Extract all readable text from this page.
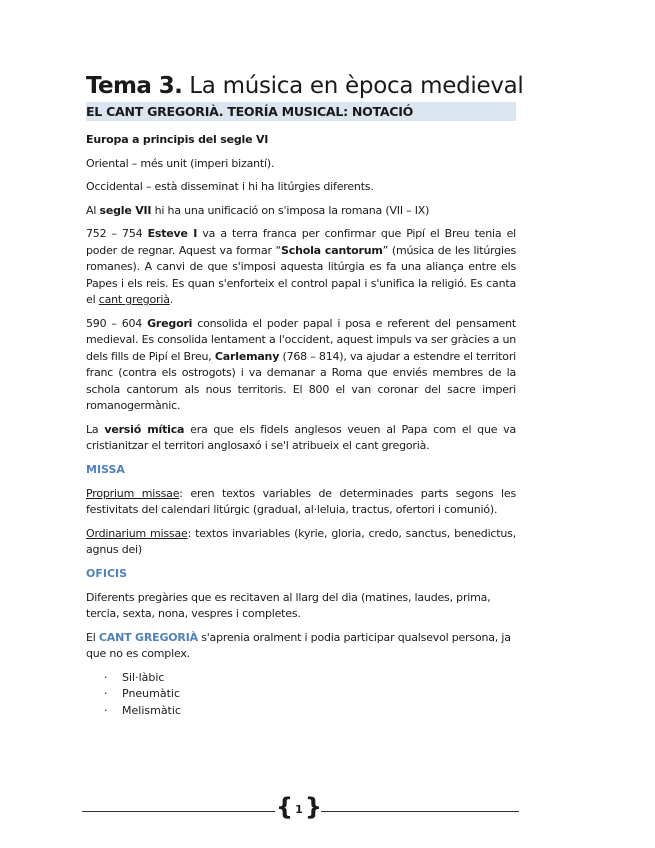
Tema 3. La música en època medieval
EL CANT GREGORIÀ. TEORÍA MUSICAL: NOTACIÓ

Europa a principis del segle VI

Oriental – més unit (imperi bizantí).

Occidental – està disseminat i hi ha litúrgies diferents.

Al segle VII hi ha una unificació on s'imposa la romana (VII – IX)

752 – 754 Esteve I va a terra franca per confirmar que Pipí el Breu tenia el poder de regnar. Aquest va formar “Schola cantorum” (música de les litúrgies romanes). A canvi de que s'imposi aquesta litúrgia es fa una aliança entre els Papes i els reis. Es quan s'enforteix el control papal i s'unifica la religió. Es canta el cant gregorià.

590 – 604 Gregori consolida el poder papal i posa e referent del pensament medieval. Es consolida lentament a l'occident, aquest impuls va ser gràcies a un dels fills de Pipí el Breu, Carlemany (768 – 814), va ajudar a estendre el territori franc (contra els ostrogots) i va demanar a Roma que enviés membres de la schola cantorum als nous territoris. El 800 el van coronar del sacre imperi romanogermànic.

La versió mítica era que els fidels anglesos veuen al Papa com el que va cristianitzar el territori anglosaxó i se'l atribueix el cant gregorià.

MISSA

Proprium missae: eren textos variables de determinades parts segons les festivitats del calendari litúrgic (gradual, al·leluia, tractus, ofertori i comunió).

Ordinarium missae: textos invariables (kyrie, gloria, credo, sanctus, benedictus, agnus dei)

OFICIS

Diferents pregàries que es recitaven al llarg del dia (matines, laudes, prima, tercia, sexta, nona, vespres i completes.

El CANT GREGORIÀ s'aprenia oralment i podia participar qualsevol persona, ja que no es complex.

· Sil·làbic
· Pneumàtic
· Melismàtic
{ 1 }
